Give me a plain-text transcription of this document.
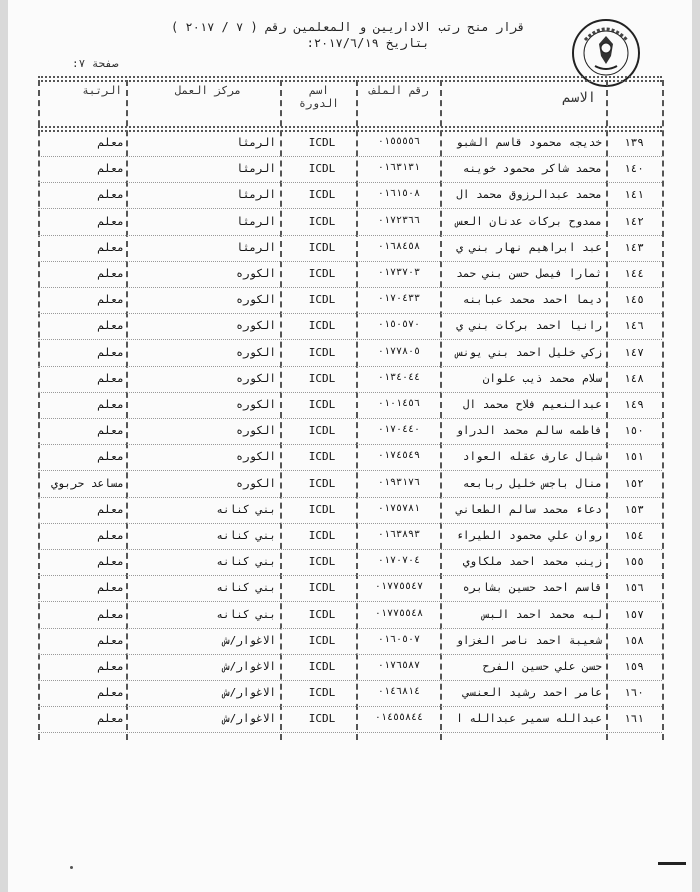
قرار منح رتب الاداريين و المعلمين رقم ( ٧ / ٢٠١٧ )
بتاريخ ٢٠١٧/٦/١٩:
صفحة ٧:
الاسم
رقم الملف
اسم الدورة
مركز العمل
الرتبة
١٣٩
خديجه محمود قاسم الشبو
٠١٥٥٥٥٦
ICDL
الرمثا
معلم
١٤٠
محمد شاكر محمود خوينه
٠١٦٣١٣١
ICDL
الرمثا
معلم
١٤١
محمد عبدالرزوق محمد ال
٠١٦١٥٠٨
ICDL
الرمثا
معلم
١٤٢
ممدوح بركات عدنان العس
٠١٧٢٣٦٦
ICDL
الرمثا
معلم
١٤٣
عبد ابراهيم نهار بني ي
٠١٦٨٤٥٨
ICDL
الرمثا
معلم
١٤٤
ثمارا فيصل حسن بني حمد
٠١٧٣٧٠٣
ICDL
الكوره
معلم
١٤٥
ديما احمد محمد عبابنه
٠١٧٠٤٣٣
ICDL
الكوره
معلم
١٤٦
رانيا احمد بركات بني ي
٠١٥٠٥٧٠
ICDL
الكوره
معلم
١٤٧
زكي خليل احمد بني يونس
٠١٧٧٨٠٥
ICDL
الكوره
معلم
١٤٨
سلام محمد ذيب علوان
٠١٣٤٠٤٤
ICDL
الكوره
معلم
١٤٩
عبدالنعيم فلاح محمد ال
٠١٠١٤٥٦
ICDL
الكوره
معلم
١٥٠
فاطمه سالم محمد الدراو
٠١٧٠٤٤٠
ICDL
الكوره
معلم
١٥١
شبال عارف عقله العواد
٠١٧٤٥٤٩
ICDL
الكوره
معلم
١٥٢
منال باجس خليل ربابعه
٠١٩٣١٧٦
ICDL
الكوره
مساعد حربوي
١٥٣
دعاء محمد سالم الطعاني
٠١٧٥٧٨١
ICDL
بني كنانه
معلم
١٥٤
روان علي محمود الطيراء
٠١٦٣٨٩٣
ICDL
بني كنانه
معلم
١٥٥
زينب محمد احمد ملكاوي
٠١٧٠٧٠٤
ICDL
بني كنانه
معلم
١٥٦
قاسم احمد حسين بشابره
٠١٧٧٥٥٤٧
ICDL
بني كنانه
معلم
١٥٧
لبه محمد احمد البس
٠١٧٧٥٥٤٨
ICDL
بني كنانه
معلم
١٥٨
شعيبة احمد ناصر الغزاو
٠١٦٠٥٠٧
ICDL
الاغوار/ش
معلم
١٥٩
حسن علي حسين الفرح
٠١٧٦٥٨٧
ICDL
الاغوار/ش
معلم
١٦٠
عامر احمد رشيد العنسي
٠١٤٦٨١٤
ICDL
الاغوار/ش
معلم
١٦١
عبدالله سمير عبدالله ا
٠١٤٥٥٨٤٤
ICDL
الاغوار/ش
معلم
